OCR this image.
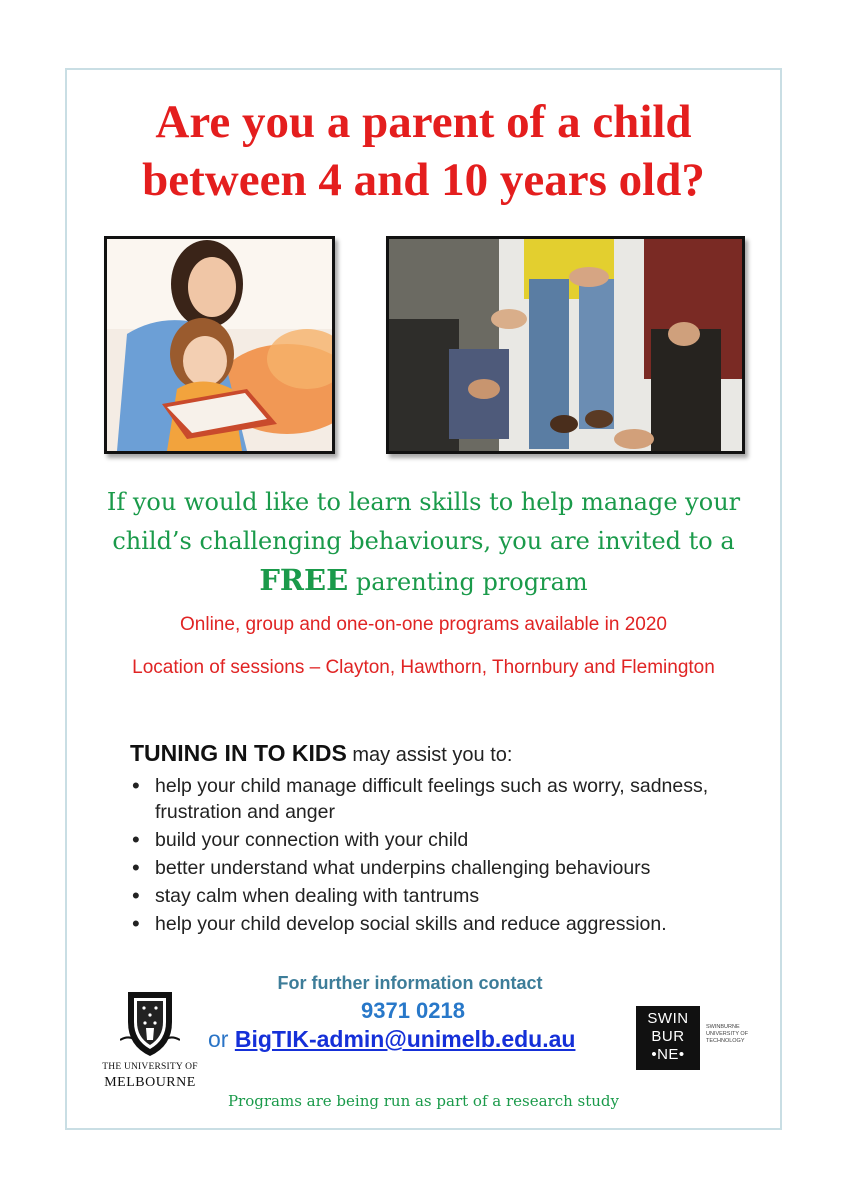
Are you a parent of a child between 4 and 10 years old?

If you would like to learn skills to help manage your child’s challenging behaviours, you are invited to a FREE parenting program

Online, group and one-on-one programs available in 2020

Location of sessions – Clayton, Hawthorn, Thornbury and Flemington

TUNING IN TO KIDS may assist you to:

• help your child manage difficult feelings such as worry, sadness, frustration and anger
• build your connection with your child
• better understand what underpins challenging behaviours
• stay calm when dealing with tantrums
• help your child develop social skills and reduce aggression.

For further information contact

9371 0218

or BigTIK-admin@unimelb.edu.au

THE UNIVERSITY OF
MELBOURNE

Programs are being run as part of a research study

SWIN
BUR
•NE•

SWINBURNE UNIVERSITY OF TECHNOLOGY
